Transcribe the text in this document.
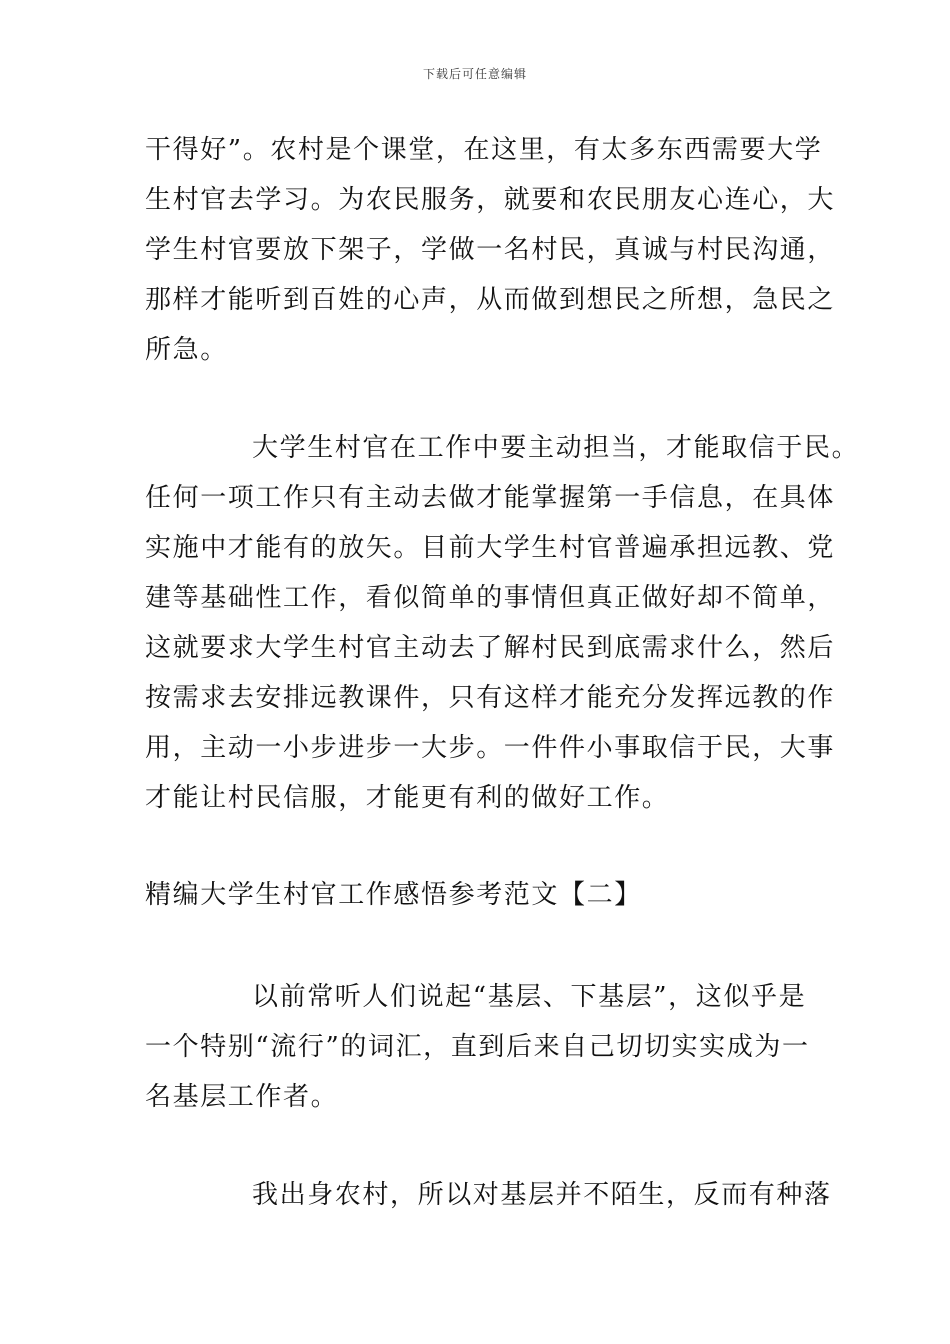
下载后可任意编辑
干得好”。农村是个课堂，在这里，有太多东西需要大学
生村官去学习。为农民服务，就要和农民朋友心连心，大
学生村官要放下架子，学做一名村民，真诚与村民沟通，
那样才能听到百姓的心声，从而做到想民之所想，急民之
所急。
大学生村官在工作中要主动担当，才能取信于民。
任何一项工作只有主动去做才能掌握第一手信息，在具体
实施中才能有的放矢。目前大学生村官普遍承担远教、党
建等基础性工作，看似简单的事情但真正做好却不简单，
这就要求大学生村官主动去了解村民到底需求什么，然后
按需求去安排远教课件，只有这样才能充分发挥远教的作
用，主动一小步进步一大步。一件件小事取信于民，大事
才能让村民信服，才能更有利的做好工作。
精编大学生村官工作感悟参考范文【二】
以前常听人们说起“基层、下基层”，这似乎是
一个特别“流行”的词汇，直到后来自己切切实实成为一
名基层工作者。
我出身农村，所以对基层并不陌生，反而有种落
